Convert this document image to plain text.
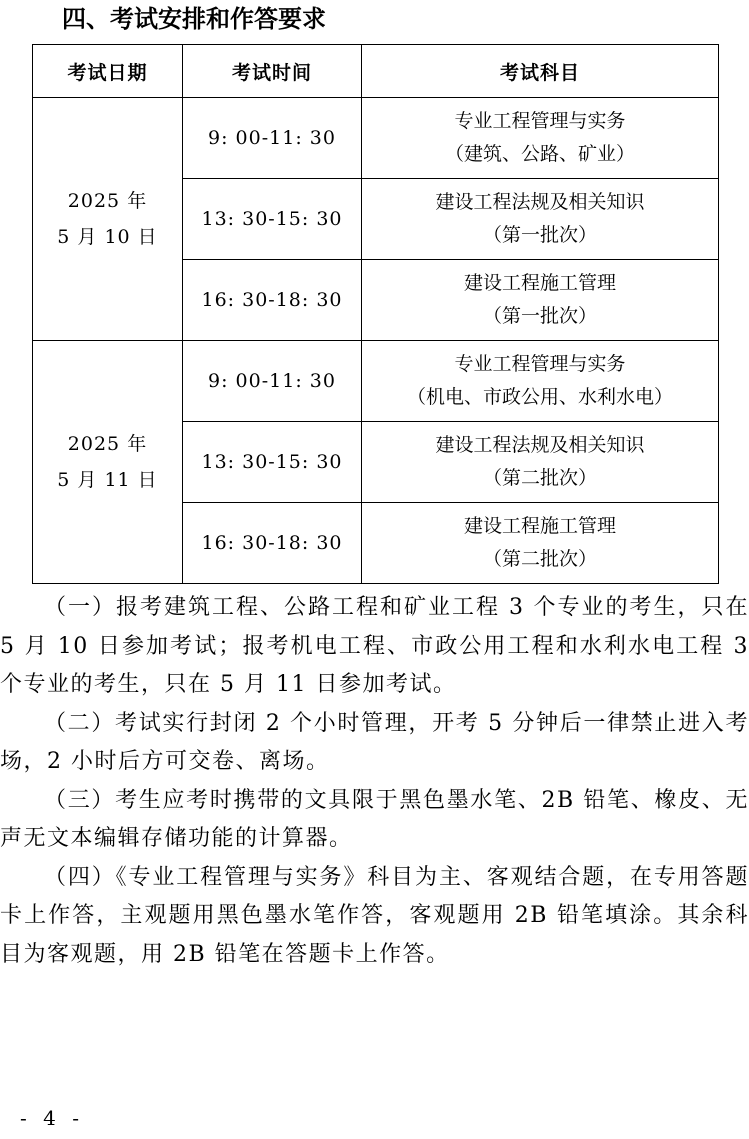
四、考试安排和作答要求
考试日期	考试时间	考试科目

2025 年
5 月 10 日	9: 00-11: 30	专业工程管理与实务
（建筑、公路、矿业）

	13: 30-15: 30	建设工程法规及相关知识
（第一批次）

	16: 30-18: 30	建设工程施工管理
（第一批次）

2025 年
5 月 11 日	9: 00-11: 30	专业工程管理与实务
（机电、市政公用、水利水电）

	13: 30-15: 30	建设工程法规及相关知识
（第二批次）

	16: 30-18: 30	建设工程施工管理
（第二批次）

（一）报考建筑工程、公路工程和矿业工程 3 个专业的考生，只在 5 月 10 日参加考试；报考机电工程、市政公用工程和水利水电工程 3 个专业的考生，只在 5 月 11 日参加考试。

（二）考试实行封闭 2 个小时管理，开考 5 分钟后一律禁止进入考场，2 小时后方可交卷、离场。

（三）考生应考时携带的文具限于黑色墨水笔、2B 铅笔、橡皮、无声无文本编辑存储功能的计算器。

（四）《专业工程管理与实务》科目为主、客观结合题，在专用答题卡上作答，主观题用黑色墨水笔作答，客观题用 2B 铅笔填涂。其余科目为客观题，用 2B 铅笔在答题卡上作答。

- 4 -
